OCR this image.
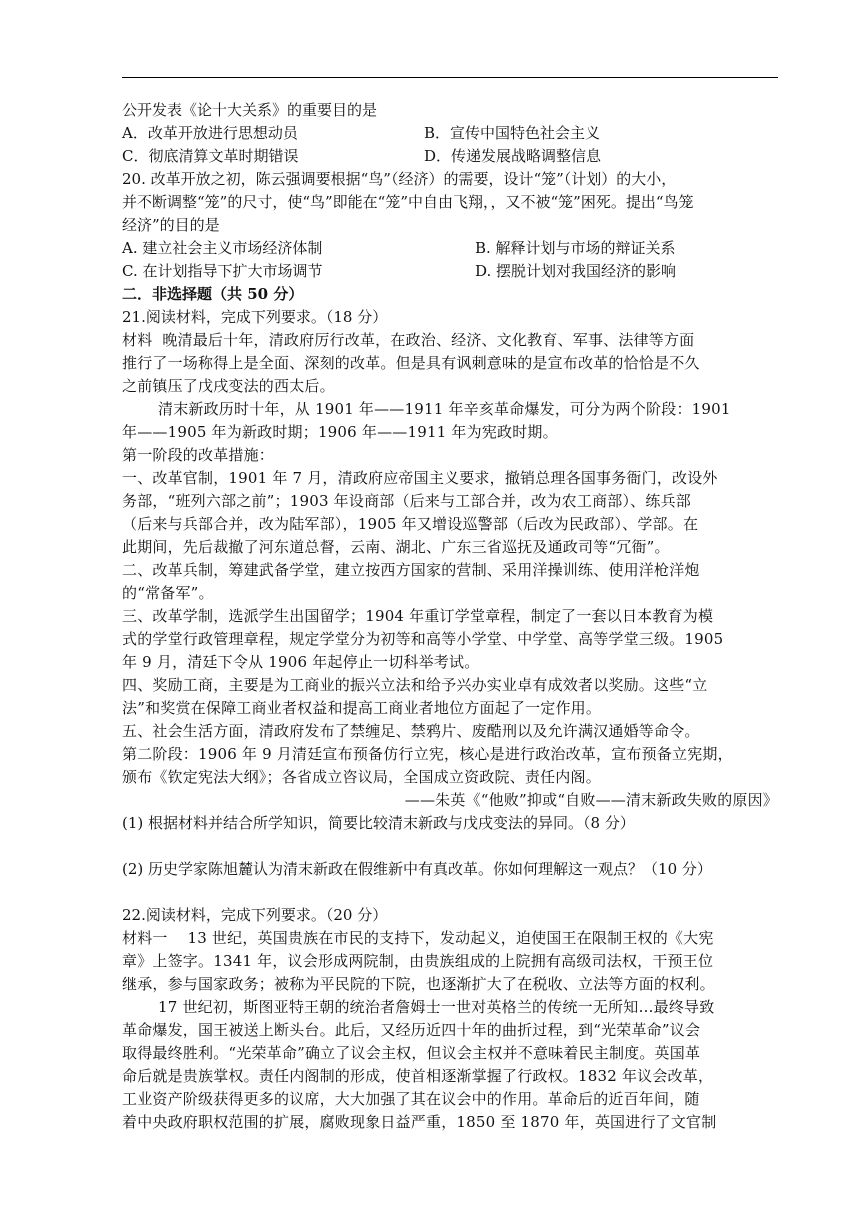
公开发表《论十大关系》的重要目的是
A．改革开放进行思想动员	B．宣传中国特色社会主义
C．彻底清算文革时期错误	D．传递发展战略调整信息
20. 改革开放之初，陈云强调要根据“鸟”（经济）的需要，设计“笼”（计划）的大小，
并不断调整“笼”的尺寸，使“鸟”即能在“笼”中自由飞翔，，又不被“笼”困死。提出“鸟笼
经济”的目的是
A. 建立社会主义市场经济体制	B. 解释计划与市场的辩证关系
C. 在计划指导下扩大市场调节	D. 摆脱计划对我国经济的影响
二．非选择题（共 50 分）
21.阅读材料，完成下列要求。（18 分）
材料  晚清最后十年，清政府厉行改革，在政治、经济、文化教育、军事、法律等方面
推行了一场称得上是全面、深刻的改革。但是具有讽刺意味的是宣布改革的恰恰是不久
之前镇压了戊戌变法的西太后。
清末新政历时十年，从 1901 年——1911 年辛亥革命爆发，可分为两个阶段：1901
年——1905 年为新政时期；1906 年——1911 年为宪政时期。
第一阶段的改革措施：
一、改革官制，1901 年 7 月，清政府应帝国主义要求，撤销总理各国事务衙门，改设外
务部，“班列六部之前”；1903 年设商部（后来与工部合并，改为农工商部）、练兵部
（后来与兵部合并，改为陆军部），1905 年又增设巡警部（后改为民政部）、学部。在
此期间，先后裁撤了河东道总督，云南、湖北、广东三省巡抚及通政司等“冗衙”。
二、改革兵制，筹建武备学堂，建立按西方国家的营制、采用洋操训练、使用洋枪洋炮
的“常备军”。
三、改革学制，选派学生出国留学；1904 年重订学堂章程，制定了一套以日本教育为模
式的学堂行政管理章程，规定学堂分为初等和高等小学堂、中学堂、高等学堂三级。1905
年 9 月，清廷下令从 1906 年起停止一切科举考试。
四、奖励工商，主要是为工商业的振兴立法和给予兴办实业卓有成效者以奖励。这些“立
法”和奖赏在保障工商业者权益和提高工商业者地位方面起了一定作用。
五、社会生活方面，清政府发布了禁缠足、禁鸦片、废酷刑以及允许满汉通婚等命令。
第二阶段：1906 年 9 月清廷宣布预备仿行立宪，核心是进行政治改革，宣布预备立宪期，
颁布《钦定宪法大纲》；各省成立咨议局，全国成立资政院、责任内阁。
——朱英《“他败”抑或“自败——清末新政失败的原因》
(1) 根据材料并结合所学知识，简要比较清末新政与戊戌变法的异同。（8 分）
(2) 历史学家陈旭麓认为清末新政在假维新中有真改革。你如何理解这一观点？（10 分）
22.阅读材料，完成下列要求。（20 分）
材料一    13 世纪，英国贵族在市民的支持下，发动起义，迫使国王在限制王权的《大宪
章》上签字。1341 年，议会形成两院制，由贵族组成的上院拥有高级司法权，干预王位
继承，参与国家政务；被称为平民院的下院，也逐渐扩大了在税收、立法等方面的权利。
17 世纪初，斯图亚特王朝的统治者詹姆士一世对英格兰的传统一无所知…最终导致
革命爆发，国王被送上断头台。此后，又经历近四十年的曲折过程，到“光荣革命”议会
取得最终胜利。“光荣革命”确立了议会主权，但议会主权并不意味着民主制度。英国革
命后就是贵族掌权。责任内阁制的形成，使首相逐渐掌握了行政权。1832 年议会改革，
工业资产阶级获得更多的议席，大大加强了其在议会中的作用。革命后的近百年间，随
着中央政府职权范围的扩展，腐败现象日益严重，1850 至 1870 年，英国进行了文官制
